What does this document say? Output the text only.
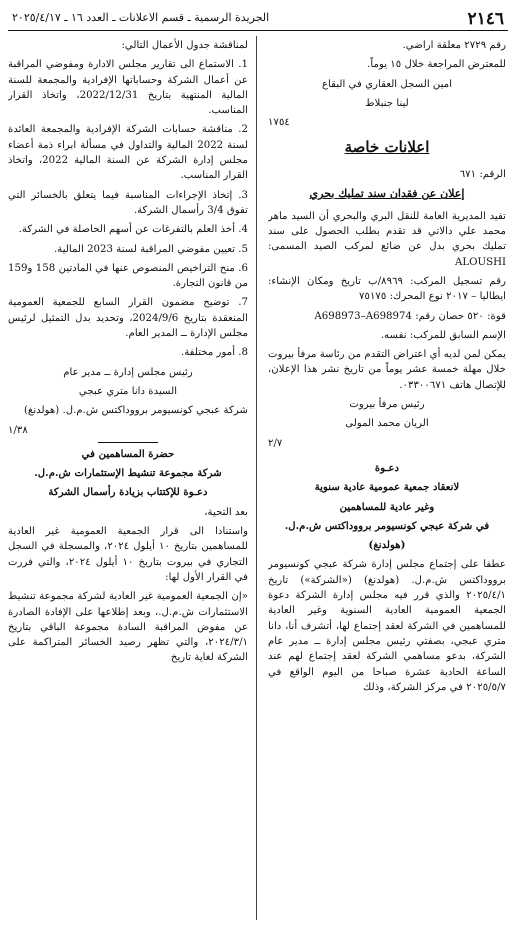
٢١٤٦
الجريدة الرسمية ـ قسم الاعلانات ـ العدد ١٦ ـ ٢٠٢٥/٤/١٧

رقم ٢٧٢٩ معلقة اراضي.

للمعترض المراجعة خلال ١٥ يوماً.

امين السجل العقاري في البقاع

لينا جنبلاط

١٧٥٤

اعلانات خاصة

الرقم: ٦٧١

إعلان عن فقدان سند تمليك بحري

تفيد المديرية العامة للنقل البري والبحري أن السيد ماهر محمد علي دالاتي قد تقدم بطلب الحصول على سند تمليك بحري بدل عن ضائع لمركب الصيد المسمى: ALOUSHI

رقم تسجيل المركب: ٨٩٦٩/ب تاريخ ومكان الإنشاء: ايطاليا – ٢٠١٧ نوع المحرك: ٧٥١٧٥

قوة: ٥٢٠ حصان رقم: A698973–A698974

الإسم السابق للمركب: نفسه.

يمكن لمن لديه أي اعتراض التقدم من رئاسة مرفأ بيروت خلال مهلة خمسة عشر يوماً من تاريخ نشر هذا الإعلان، للإتصال هاتف ٠٣٣٠٠٦٧١.

رئيس مرفأ بيروت

الريان محمد المولى

٢/٧

دعـوة

لانعقاد جمعية عمومية عادية سنوية

وغير عادية للمساهمين

في شركة عبجي كونسيومر برووداكتس ش.م.ل.

(هولدنغ)

عطفا على إجتماع مجلس إدارة شركة عبجي كونسيومر برووداكتس ش.م.ل. (هولدنغ) («الشركة») تاريخ ٢٠٢٥/٤/١ والذي قرر فيه مجلس إدارة الشركة دعوة الجمعية العمومية العادية السنوية وغير العادية للمساهمين في الشركة لعقد إجتماع لها، أتشرف أنا، دانا متري عبجي، بصفتي رئيس مجلس إدارة ــ مدير عام الشركة، بدعو مساهمي الشركة لعقد إجتماع لهم عند الساعة الحادية عشرة صباحا من اليوم الواقع في ٢٠٢٥/٥/٧ في مركز الشركة، وذلك

لمناقشة جدول الأعمال التالي:

1. الاستماع الى تقارير مجلس الادارة ومفوضي المراقبة عن أعمال الشركة وحساباتها الإفرادية والمجمعة للسنة المالية المنتهية بتاريخ 2022/12/31، واتخاذ القرار المناسب.

2. مناقشة حسابات الشركة الإفرادية والمجمعة العائدة لسنة 2022 المالية والتداول في مسألة ابراء ذمة أعضاء مجلس إدارة الشركة عن السنة المالية 2022، واتخاذ القرار المناسب.

3. إتخاذ الإجراءات المناسبة فيما يتعلق بالخسائر التي تفوق 3/4 رأسمال الشركة.

4. أخذ العلم بالتفرغات عن أسهم الحاصلة في الشركة.

5. تعيين مفوضي المراقبة لسنة 2023 المالية.

6. منح التراخيص المنصوص عنها في المادتين 158 و159 من قانون التجارة.

7. توضيح مضمون القرار السابع للجمعية العمومية المنعقدة بتاريخ 2024/9/6، وتحديد بدل التمثيل لرئيس مجلس الإدارة ــ المدير العام.

8. أمور مختلفة.

رئيس مجلس إدارة ــ مدير عام

السيدة دانا متري عبجي

شركة عبجي كونسيومر برووداكتس ش.م.ل. (هولدنغ)

١/٣٨

حضرة المساهمين في

شركة مجموعة تنشيط الإستثمارات ش.م.ل.

دعـوة للإكتتاب بزيادة رأسمال الشركة

بعد التحية،

واستنادا الى قرار الجمعية العمومية غير العادية للمساهمين بتاريخ ١٠ أيلول ٢٠٢٤، والمسجلة في السجل التجاري في بيروت بتاريخ ١٠ أيلول ٢٠٢٤، والتي فررت في القرار الأول لها:

«إن الجمعية العمومية غير العادية لشركة مجموعة تنشيط الاستثمارات ش.م.ل.، وبعد إطلاعها على الإفادة الصادرة عن مفوض المراقبة السادة مجموعة الباقي بتاريخ ٢٠٢٤/٣/١، والتي تظهر رصيد الخسائر المتراكمة على الشركة لغاية تاريخ
